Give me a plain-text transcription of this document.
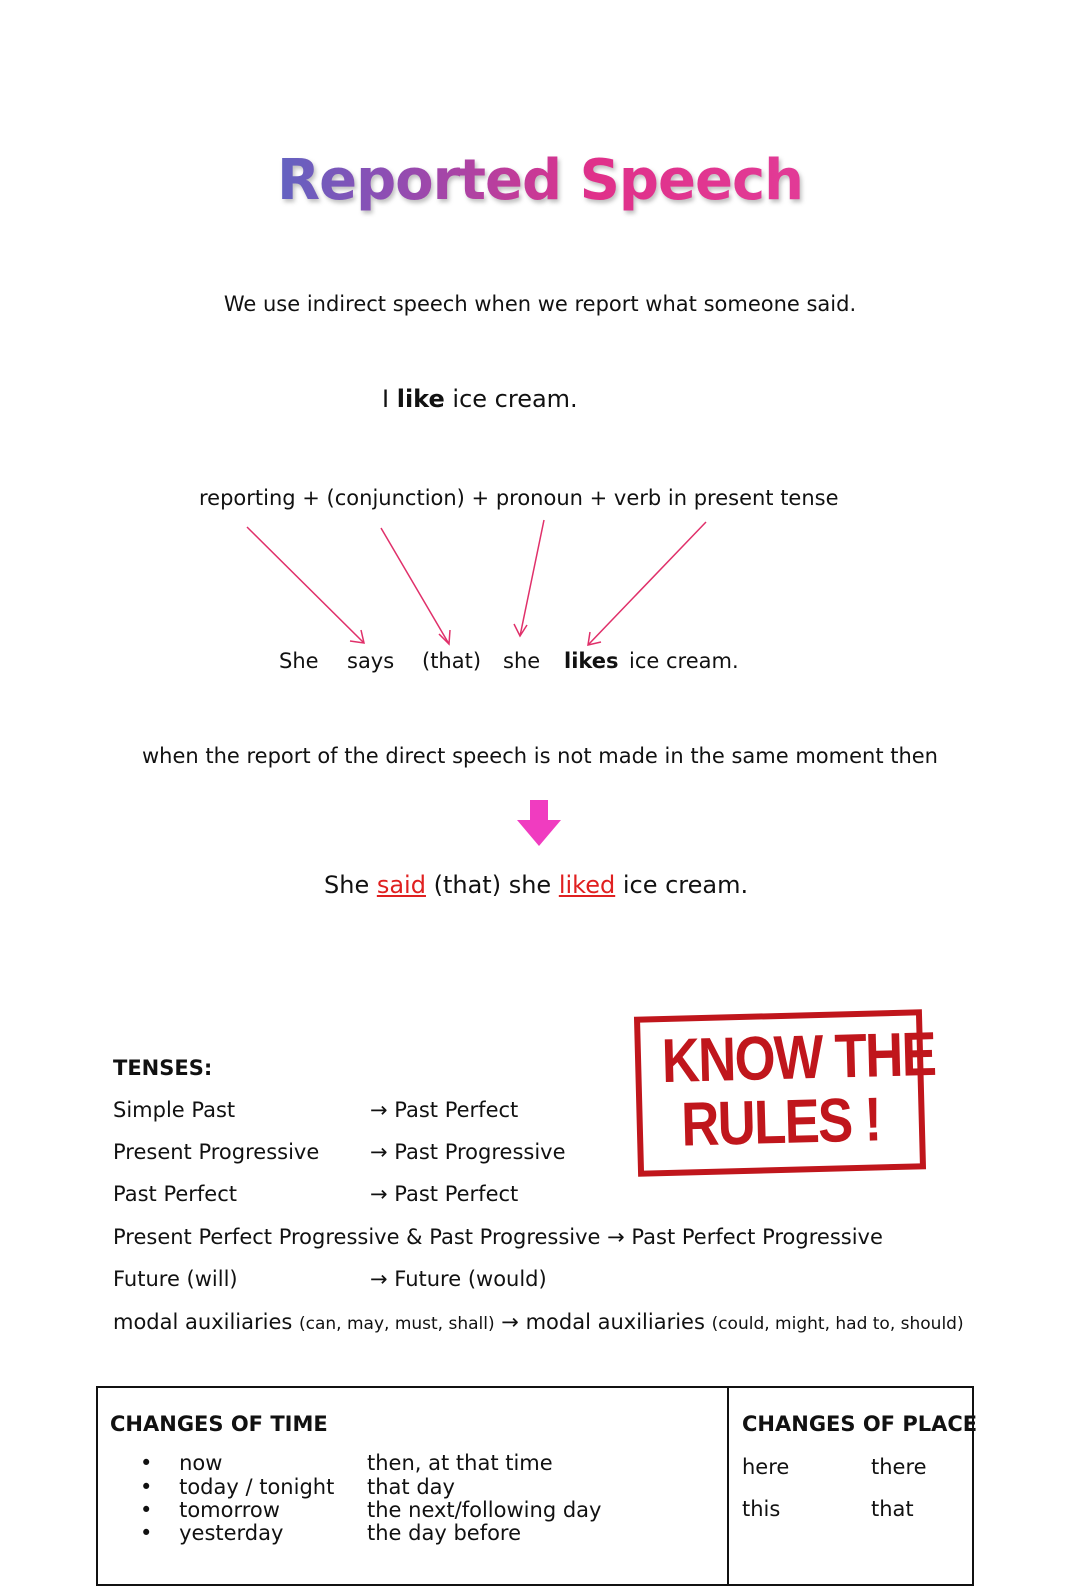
Reported Speech
We use indirect speech when we report what someone said.
I like ice cream.
reporting + (conjunction) + pronoun + verb in present tense
She says (that) she likes ice cream.
when the report of the direct speech is not made in the same moment then
She said (that) she liked ice cream.
KNOW THE
RULES !
TENSES:
Simple Past	→ Past Perfect
Present Progressive → Past Progressive
Past Perfect	→ Past Perfect
Present Perfect Progressive & Past Progressive → Past Perfect Progressive
Future (will)	→ Future (would)
modal auxiliaries (can, may, must, shall) → modal auxiliaries (could, might, had to, should)
CHANGES OF TIME
•    now	then, at that time
•    today / tonight that day
•    tomorrow	the next/following day
•    yesterday	the day before
CHANGES OF PLACE
here	there
this	that
